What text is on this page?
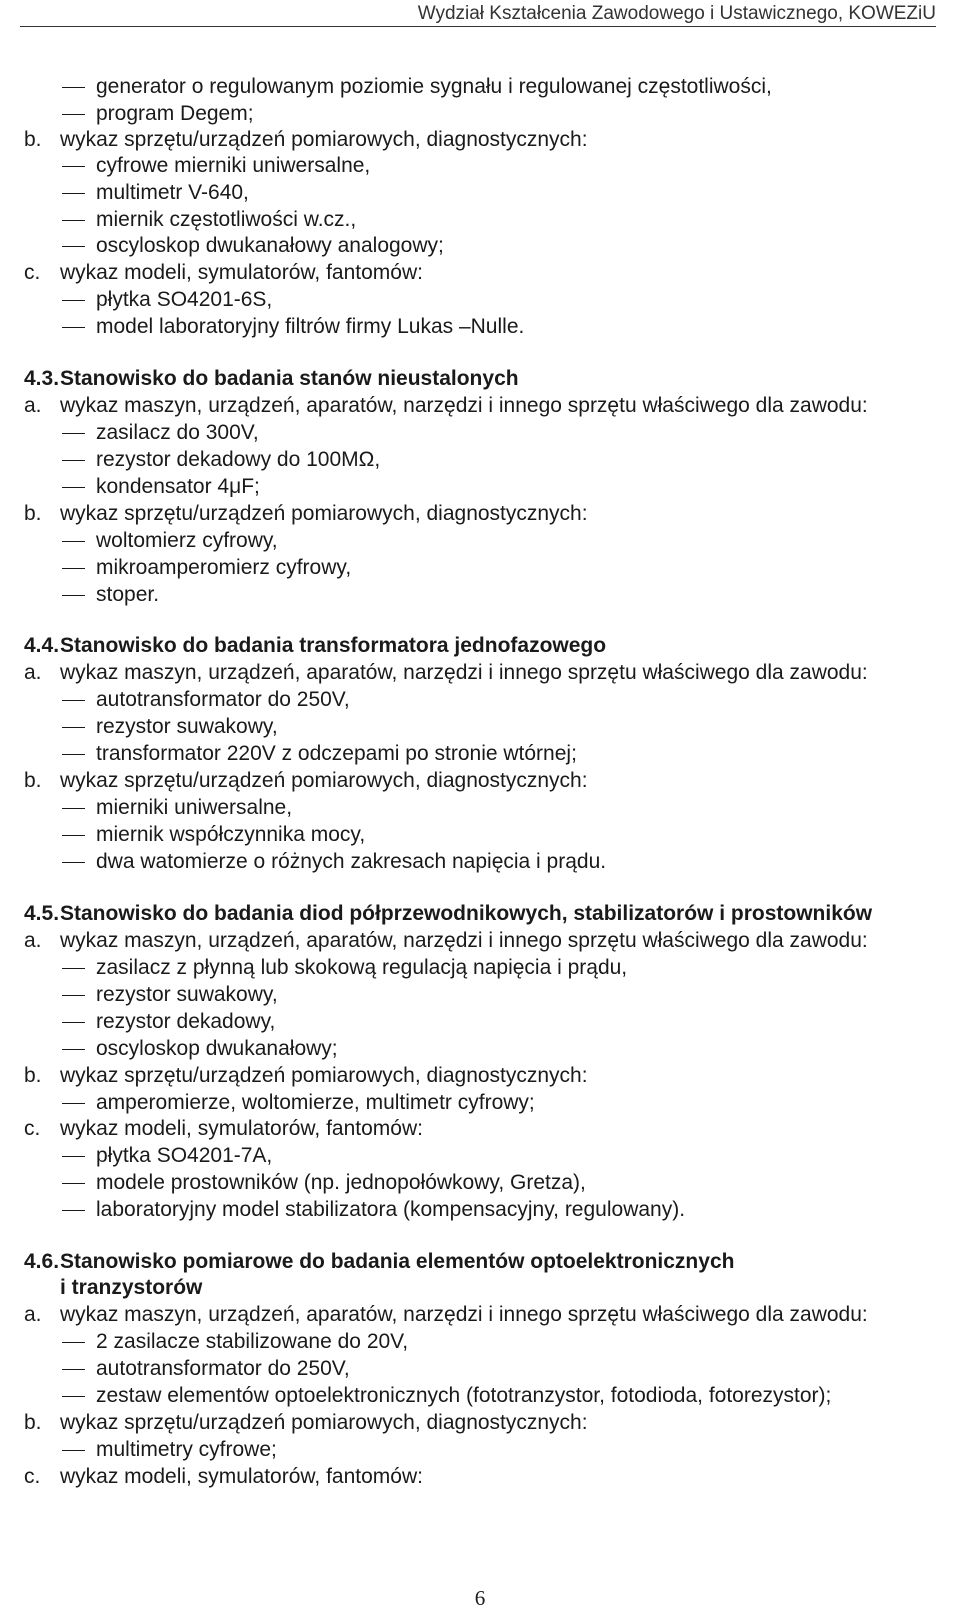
Wydział Kształcenia Zawodowego i Ustawicznego, KOWEZiU
generator o regulowanym poziomie sygnału i regulowanej częstotliwości,
program Degem;
b. wykaz sprzętu/urządzeń pomiarowych, diagnostycznych:
cyfrowe mierniki uniwersalne,
multimetr V-640,
miernik częstotliwości w.cz.,
oscyloskop dwukanałowy analogowy;
c. wykaz modeli, symulatorów, fantomów:
płytka SO4201-6S,
model laboratoryjny filtrów firmy Lukas –Nulle.
4.3. Stanowisko do badania stanów nieustalonych
a. wykaz maszyn, urządzeń, aparatów, narzędzi i innego sprzętu właściwego dla zawodu:
zasilacz do 300V,
rezystor dekadowy do 100MΩ,
kondensator 4μF;
b. wykaz sprzętu/urządzeń pomiarowych, diagnostycznych:
woltomierz cyfrowy,
mikroamperomierz cyfrowy,
stoper.
4.4. Stanowisko do badania transformatora jednofazowego
a. wykaz maszyn, urządzeń, aparatów, narzędzi i innego sprzętu właściwego dla zawodu:
autotransformator do 250V,
rezystor suwakowy,
transformator 220V z odczepami po stronie wtórnej;
b. wykaz sprzętu/urządzeń pomiarowych, diagnostycznych:
mierniki uniwersalne,
miernik współczynnika mocy,
dwa watomierze o różnych zakresach napięcia i prądu.
4.5. Stanowisko do badania diod półprzewodnikowych, stabilizatorów i prostowników
a. wykaz maszyn, urządzeń, aparatów, narzędzi i innego sprzętu właściwego dla zawodu:
zasilacz z płynną lub skokową regulacją napięcia i prądu,
rezystor suwakowy,
rezystor dekadowy,
oscyloskop dwukanałowy;
b. wykaz sprzętu/urządzeń pomiarowych, diagnostycznych:
amperomierze, woltomierze, multimetr cyfrowy;
c. wykaz modeli, symulatorów, fantomów:
płytka SO4201-7A,
modele prostowników (np. jednopołówkowy, Gretza),
laboratoryjny model stabilizatora (kompensacyjny, regulowany).
4.6. Stanowisko pomiarowe do badania elementów optoelektronicznych
i tranzystorów
a. wykaz maszyn, urządzeń, aparatów, narzędzi i innego sprzętu właściwego dla zawodu:
2 zasilacze stabilizowane do 20V,
autotransformator do 250V,
zestaw elementów optoelektronicznych (fototranzystor, fotodioda, fotorezystor);
b. wykaz sprzętu/urządzeń pomiarowych, diagnostycznych:
multimetry cyfrowe;
c. wykaz modeli, symulatorów, fantomów:
6
